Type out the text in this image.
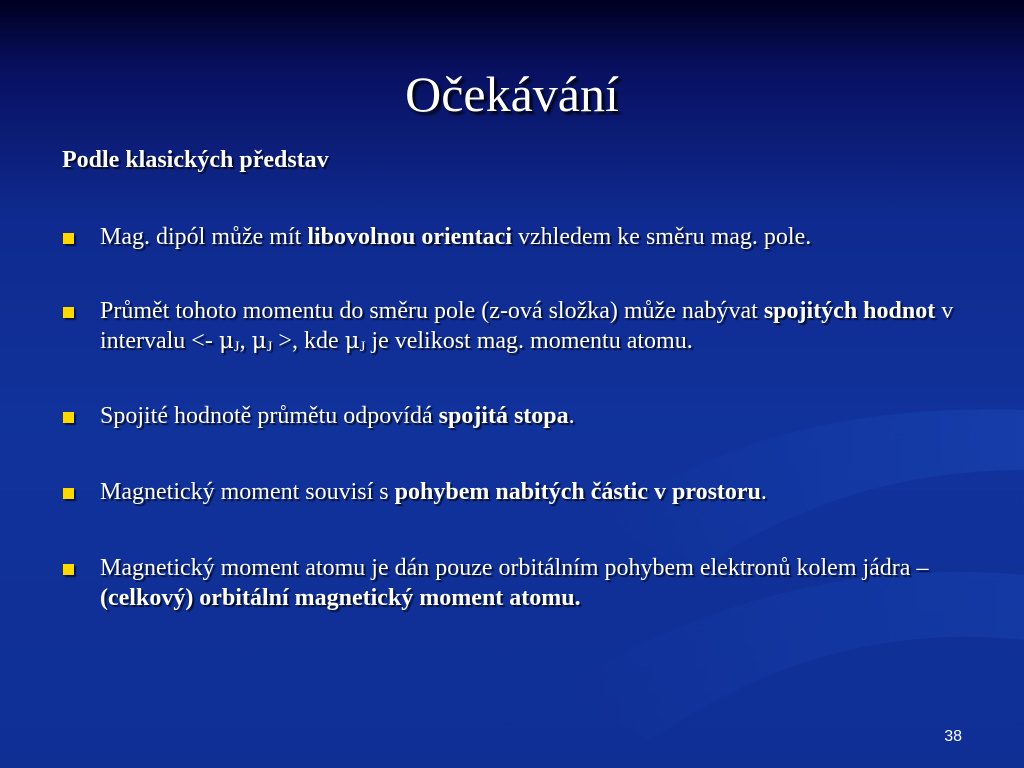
Očekávání
Podle klasických představ
Mag. dipól může mít libovolnou orientaci vzhledem ke směru mag. pole.
Průmět tohoto momentu do směru pole (z-ová složka) může nabývat spojitých hodnot v intervalu <- $\mu_J$, $\mu_J$ >, kde $\mu_J$ je velikost mag. momentu atomu.
Spojité hodnotě průmětu odpovídá spojitá stopa.
Magnetický moment souvisí s pohybem nabitých částic v prostoru.
Magnetický moment atomu je dán pouze orbitálním pohybem elektronů kolem jádra – (celkový) orbitální magnetický moment atomu.
38
